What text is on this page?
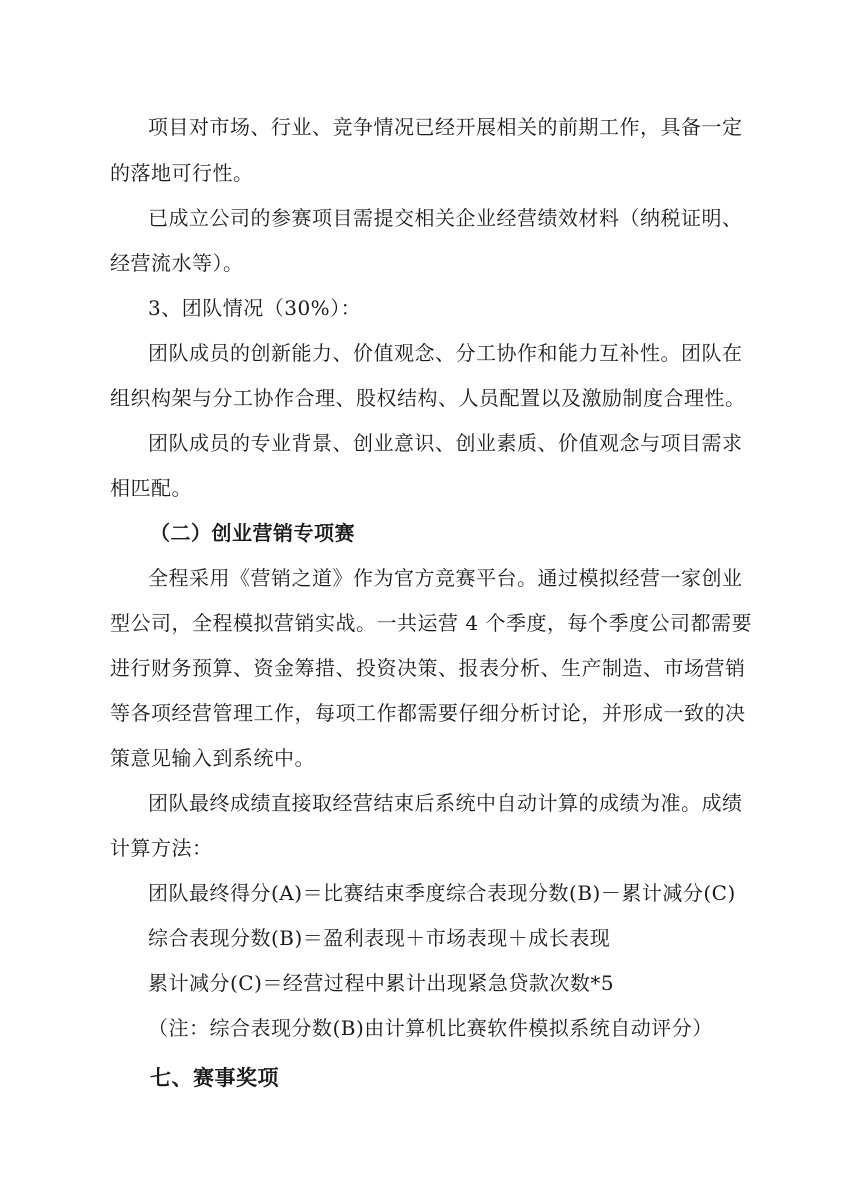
项目对市场、行业、竞争情况已经开展相关的前期工作，具备一定
的落地可行性。
已成立公司的参赛项目需提交相关企业经营绩效材料（纳税证明、
经营流水等）。
3、团队情况（30%）：
团队成员的创新能力、价值观念、分工协作和能力互补性。团队在
组织构架与分工协作合理、股权结构、人员配置以及激励制度合理性。
团队成员的专业背景、创业意识、创业素质、价值观念与项目需求
相匹配。
（二）创业营销专项赛
全程采用《营销之道》作为官方竞赛平台。通过模拟经营一家创业
型公司，全程模拟营销实战。一共运营 4 个季度，每个季度公司都需要
进行财务预算、资金筹措、投资决策、报表分析、生产制造、市场营销
等各项经营管理工作，每项工作都需要仔细分析讨论，并形成一致的决
策意见输入到系统中。
团队最终成绩直接取经营结束后系统中自动计算的成绩为准。成绩
计算方法：
团队最终得分(A)＝比赛结束季度综合表现分数(B)－累计减分(C)
综合表现分数(B)＝盈利表现＋市场表现＋成长表现
累计减分(C)＝经营过程中累计出现紧急贷款次数*5
（注：综合表现分数(B)由计算机比赛软件模拟系统自动评分）
七、赛事奖项
